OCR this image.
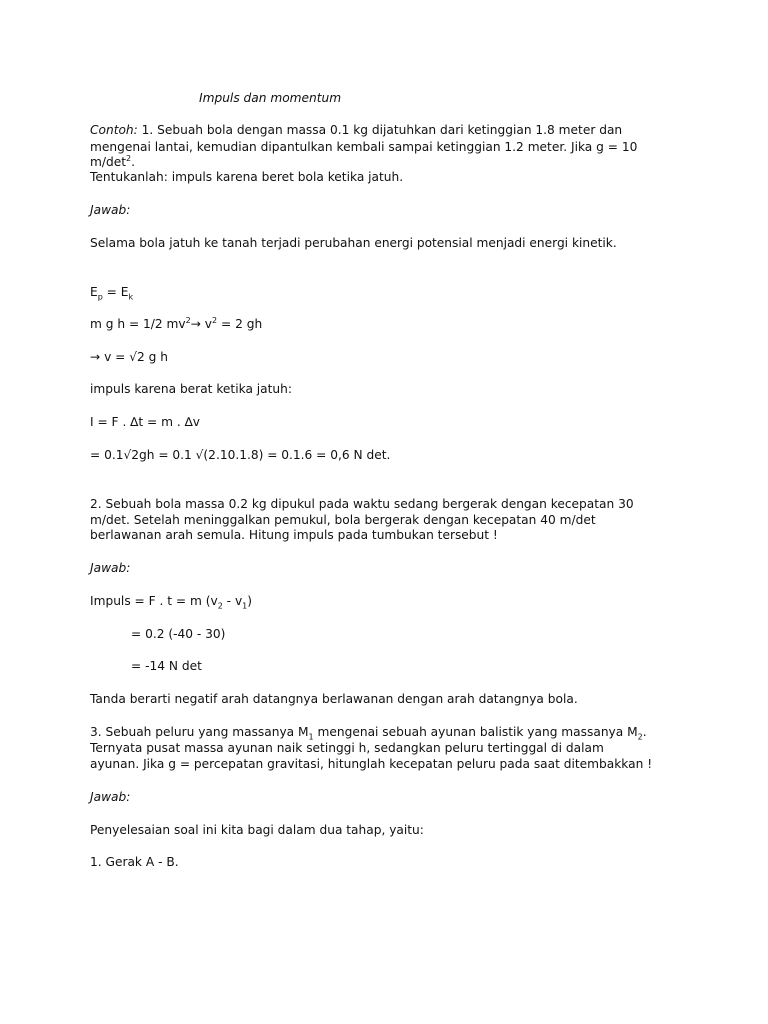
Impuls dan momentum
Contoh: 1. Sebuah bola dengan massa 0.1 kg dijatuhkan dari ketinggian 1.8 meter dan
mengenai lantai, kemudian dipantulkan kembali sampai ketinggian 1.2 meter. Jika g = 10
$m/\det^2$.
Tentukanlah: impuls karena beret bola ketika jatuh.
Jawab:
Selama bola jatuh ke tanah terjadi perubahan energi potensial menjadi energi kinetik.
$E_p = E_k$
m g h = 1/2 $mv^2\to v^2 = 2$ gh
→ v = √2 g h
impuls karena berat ketika jatuh:
I = F . ∆t = m . ∆v
= 0.1√2gh = 0.1 √(2.10.1.8) = 0.1.6 = 0,6 N det.
2. Sebuah bola massa 0.2 kg dipukul pada waktu sedang bergerak dengan kecepatan 30
m/det. Setelah meninggalkan pemukul, bola bergerak dengan kecepatan 40 m/det
berlawanan arah semula. Hitung impuls pada tumbukan tersebut !
Jawab:
Impuls = F . t = m $(v_2 - v_1)$
= 0.2 (-40 - 30)
= -14 N det
Tanda berarti negatif arah datangnya berlawanan dengan arah datangnya bola.
3. Sebuah peluru yang massanya $M_1$ mengenai sebuah ayunan balistik yang massanya $M_2$.
Ternyata pusat massa ayunan naik setinggi h, sedangkan peluru tertinggal di dalam
ayunan. Jika g = percepatan gravitasi, hitunglah kecepatan peluru pada saat ditembakkan !
Jawab:
Penyelesaian soal ini kita bagi dalam dua tahap, yaitu:
1. Gerak A - B.
